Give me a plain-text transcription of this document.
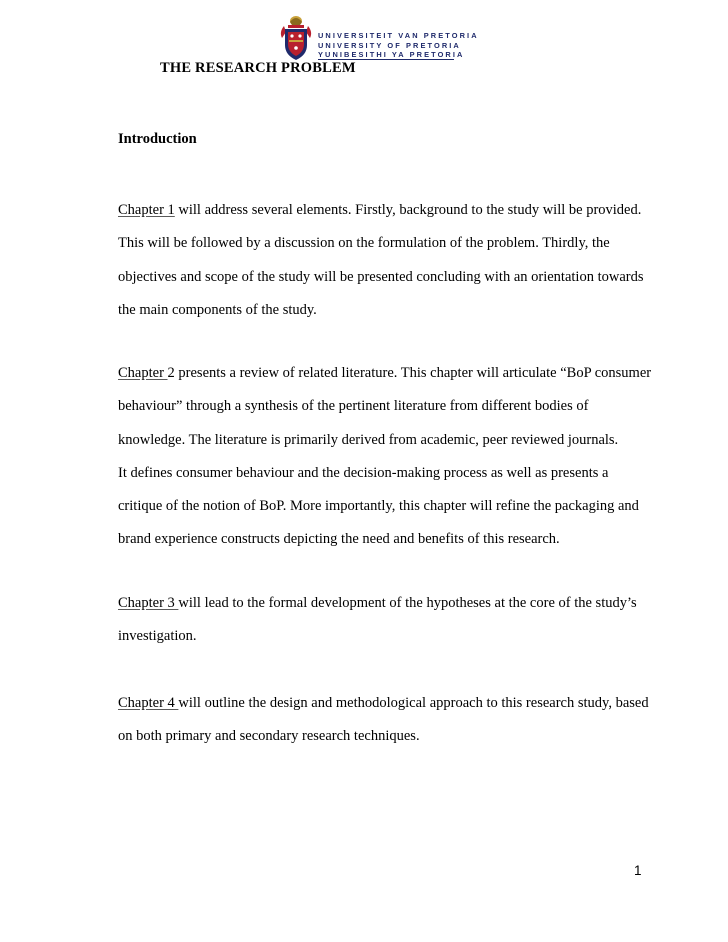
UNIVERSITEIT VAN PRETORIA
UNIVERSITY OF PRETORIA
YUNIBESITHI YA PRETORIA
THE RESEARCH PROBLEM
Introduction
Chapter 1 will address several elements. Firstly, background to the study will be provided.
This will be followed by a discussion on the formulation of the problem. Thirdly, the
objectives and scope of the study will be presented concluding with an orientation towards
the main components of the study.
Chapter 2 presents a review of related literature. This chapter will articulate “BoP consumer
behaviour” through a synthesis of the pertinent literature from different bodies of
knowledge. The literature is primarily derived from academic, peer reviewed journals.
It defines consumer behaviour and the decision-making process as well as presents a
critique of the notion of BoP. More importantly, this chapter will refine the packaging and
brand experience constructs depicting the need and benefits of this research.
Chapter 3 will lead to the formal development of the hypotheses at the core of the study’s
investigation.
Chapter 4 will outline the design and methodological approach to this research study, based
on both primary and secondary research techniques.
1
